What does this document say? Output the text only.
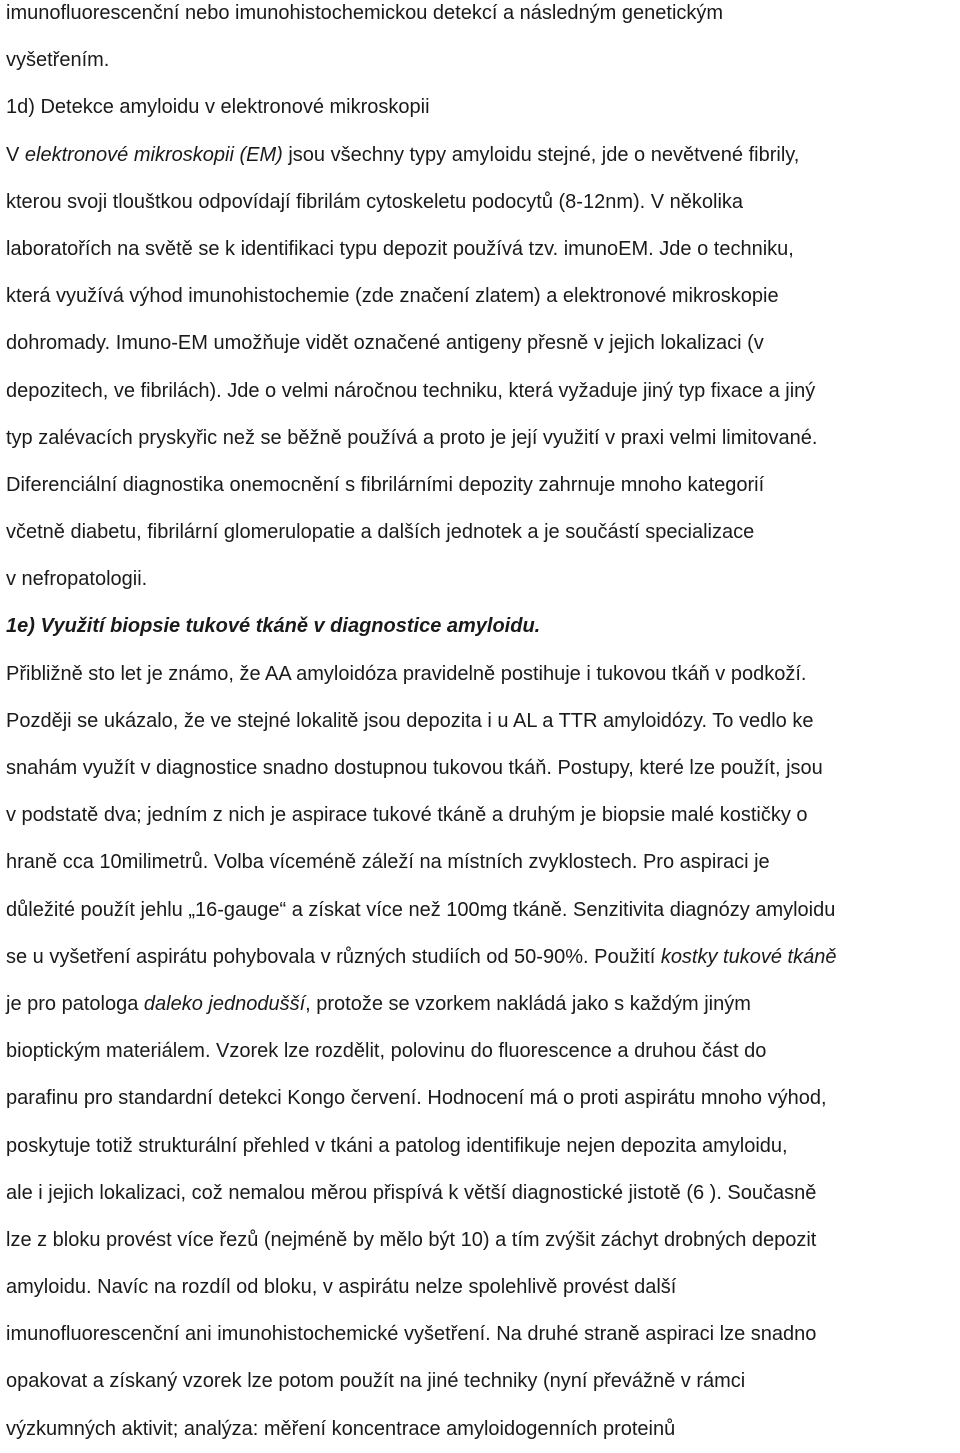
imunofluorescenční nebo imunohistochemickou detekcí a následným genetickým
vyšetřením.
1d) Detekce amyloidu v elektronové mikroskopii
V elektronové mikroskopii (EM) jsou všechny typy amyloidu stejné, jde o nevětvené fibrily,
kterou svoji tlouštkou odpovídají fibrilám cytoskeletu podocytů (8-12nm). V několika
laboratořích na světě se k identifikaci typu depozit používá tzv. imunoEM. Jde o techniku,
která využívá výhod imunohistochemie (zde značení zlatem) a elektronové mikroskopie
dohromady. Imuno-EM umožňuje vidět označené antigeny přesně v jejich lokalizaci (v
depozitech, ve fibrilách). Jde o velmi náročnou techniku, která vyžaduje jiný typ fixace a jiný
typ zalévacích pryskyřic než se běžně používá a proto je její využití v praxi velmi limitované.
Diferenciální diagnostika onemocnění s fibrilárními depozity zahrnuje mnoho kategorií
včetně diabetu, fibrilární glomerulopatie a dalších jednotek a je součástí specializace
v nefropatologii.
1e) Využití biopsie tukové tkáně v diagnostice amyloidu.
Přibližně sto let je známo, že AA amyloidóza pravidelně postihuje i tukovou tkáň v podkoží.
Později se ukázalo, že ve stejné lokalitě jsou depozita i u AL a TTR amyloidózy. To vedlo ke
snahám využít v diagnostice snadno dostupnou tukovou tkáň. Postupy, které lze použít, jsou
v podstatě dva; jedním z nich je aspirace tukové tkáně a druhým je biopsie malé kostičky o
hraně cca 10milimetrů. Volba víceméně záleží na místních zvyklostech. Pro aspiraci je
důležité použít jehlu „16-gauge“ a získat více než 100mg tkáně. Senzitivita diagnózy amyloidu
se u vyšetření aspirátu pohybovala v různých studiích od 50-90%. Použití kostky tukové tkáně
je pro patologa daleko jednodušší, protože se vzorkem nakládá jako s každým jiným
bioptickým materiálem. Vzorek lze rozdělit, polovinu do fluorescence a druhou část do
parafinu pro standardní detekci Kongo červení. Hodnocení má o proti aspirátu mnoho výhod,
poskytuje totiž strukturální přehled v tkáni a patolog identifikuje nejen depozita amyloidu,
ale i jejich lokalizaci, což nemalou měrou přispívá k větší diagnostické jistotě (6 ). Současně
lze z bloku provést více řezů (nejméně by mělo být 10) a tím zvýšit záchyt drobných depozit
amyloidu. Navíc na rozdíl od bloku, v aspirátu nelze spolehlivě provést další
imunofluorescenční ani imunohistochemické vyšetření. Na druhé straně aspiraci lze snadno
opakovat a získaný vzorek lze potom použít na jiné techniky (nyní převážně v rámci
výzkumných aktivit; analýza: měření koncentrace amyloidogenních proteinů
